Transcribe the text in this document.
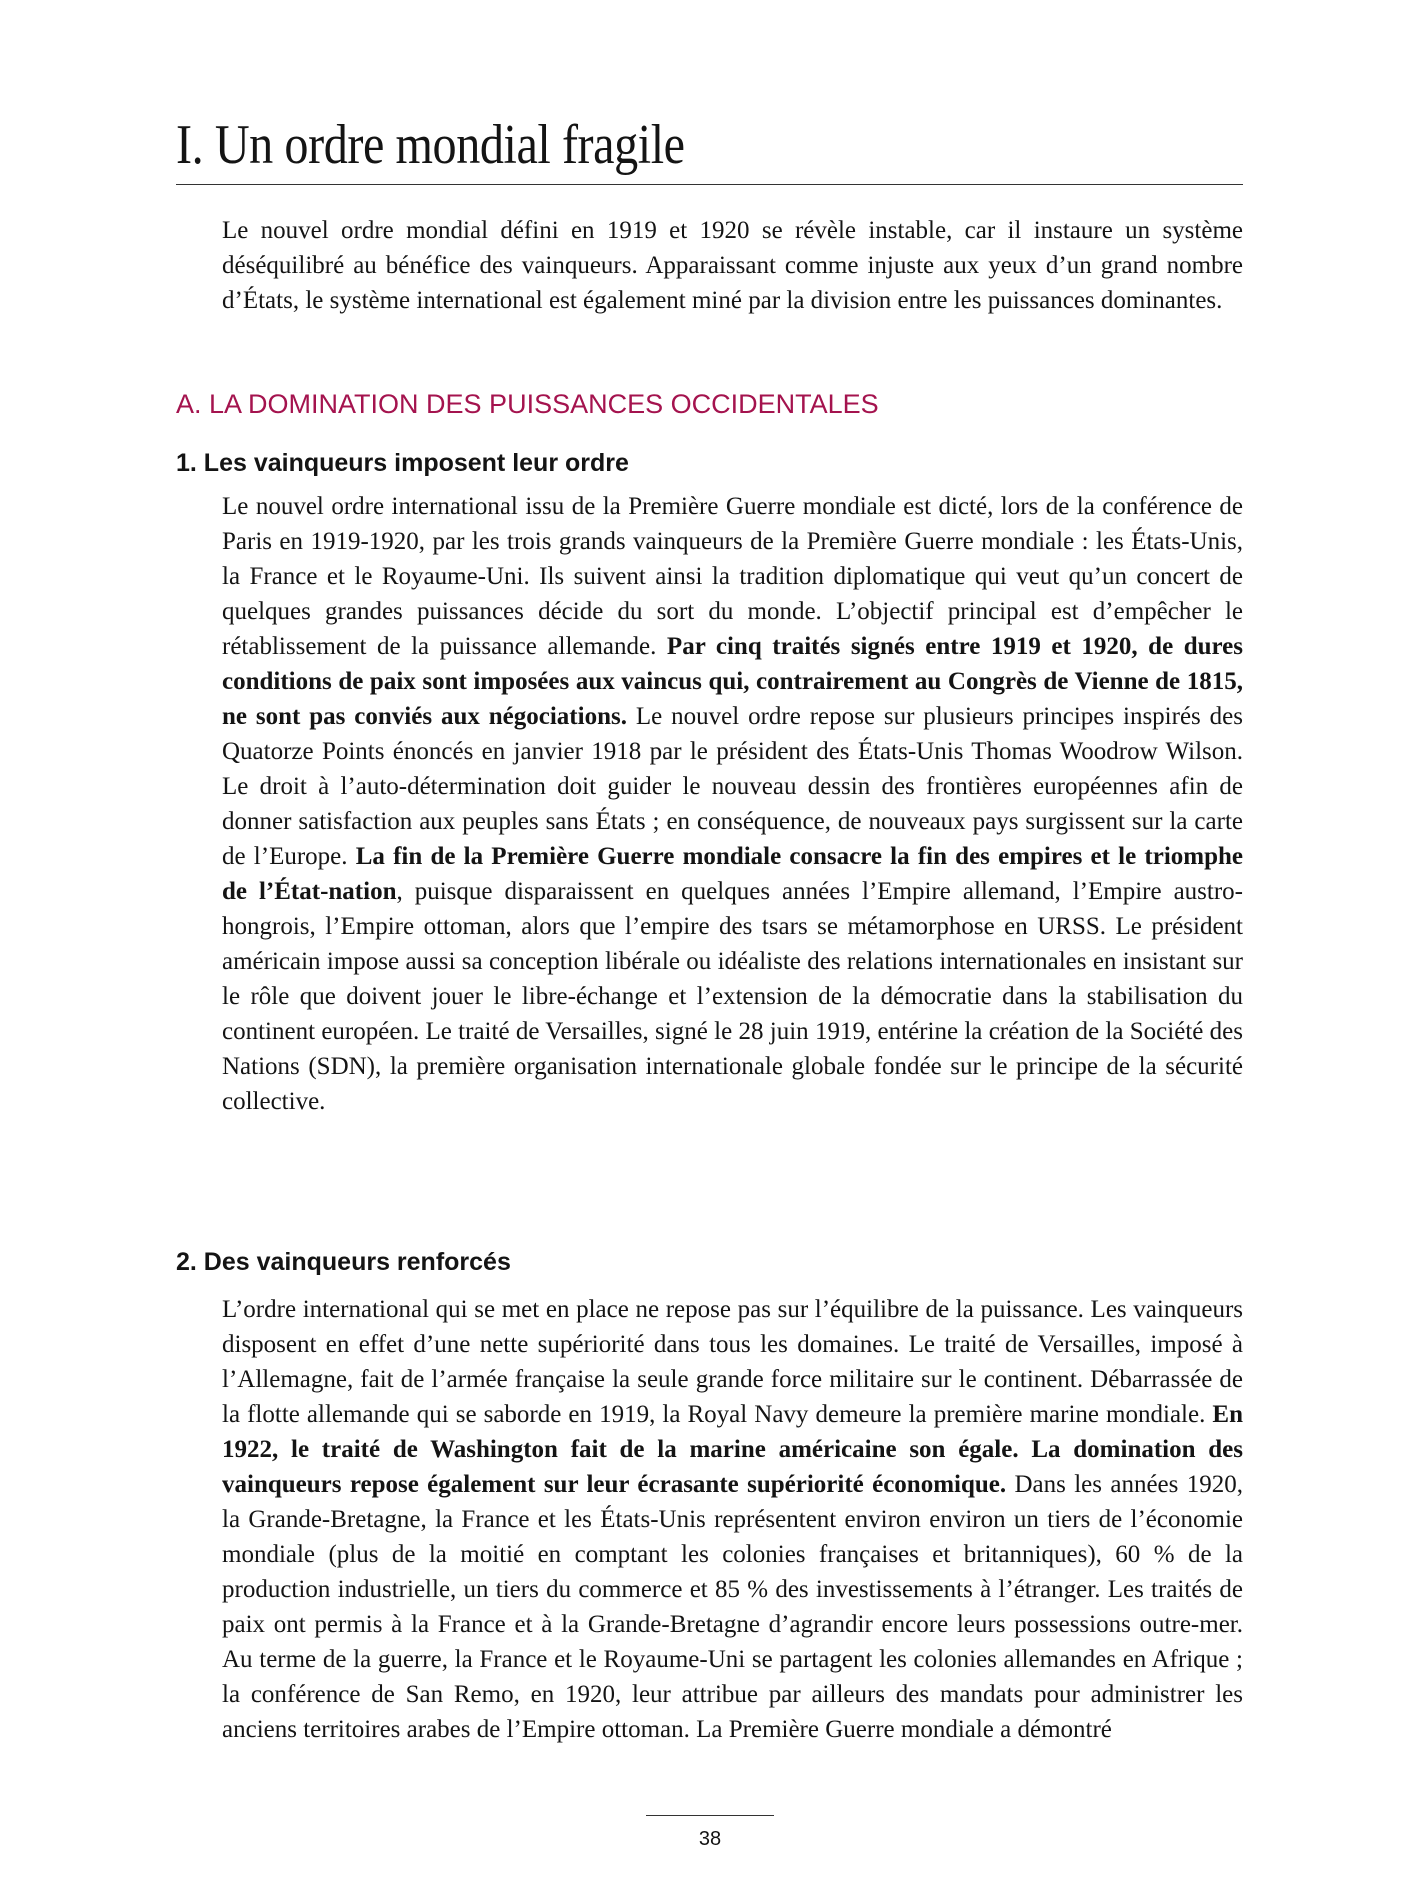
I. Un ordre mondial fragile

Le nouvel ordre mondial défini en 1919 et 1920 se révèle instable, car il instaure un système déséquilibré au bénéfice des vainqueurs. Apparaissant comme injuste aux yeux d’un grand nombre d’États, le système international est également miné par la division entre les puissances dominantes.

A. LA DOMINATION DES PUISSANCES OCCIDENTALES
1. Les vainqueurs imposent leur ordre

Le nouvel ordre international issu de la Première Guerre mondiale est dicté, lors de la conférence de Paris en 1919-1920, par les trois grands vainqueurs de la Première Guerre mondiale : les États-Unis, la France et le Royaume-Uni. Ils suivent ainsi la tradition diplomatique qui veut qu’un concert de quelques grandes puissances décide du sort du monde. L’objectif principal est d’empêcher le rétablissement de la puissance allemande. Par cinq traités signés entre 1919 et 1920, de dures conditions de paix sont imposées aux vaincus qui, contrairement au Congrès de Vienne de 1815, ne sont pas conviés aux négociations. Le nouvel ordre repose sur plusieurs principes inspirés des Quatorze Points énoncés en janvier 1918 par le président des États-Unis Thomas Woodrow Wilson. Le droit à l’auto-détermination doit guider le nouveau dessin des frontières européennes afin de donner satisfaction aux peuples sans États ; en conséquence, de nouveaux pays surgissent sur la carte de l’Europe. La fin de la Première Guerre mondiale consacre la fin des empires et le triomphe de l’État-nation, puisque disparaissent en quelques années l’Empire allemand, l’Empire austro-hongrois, l’Empire ottoman, alors que l’empire des tsars se métamorphose en URSS. Le président américain impose aussi sa conception libérale ou idéaliste des relations internationales en insistant sur le rôle que doivent jouer le libre-échange et l’extension de la démocratie dans la stabilisation du continent européen. Le traité de Versailles, signé le 28 juin 1919, entérine la création de la Société des Nations (SDN), la première organisation internationale globale fondée sur le principe de la sécurité collective.

2. Des vainqueurs renforcés

L’ordre international qui se met en place ne repose pas sur l’équilibre de la puissance. Les vainqueurs disposent en effet d’une nette supériorité dans tous les domaines. Le traité de Versailles, imposé à l’Allemagne, fait de l’armée française la seule grande force militaire sur le continent. Débarrassée de la flotte allemande qui se saborde en 1919, la Royal Navy demeure la première marine mondiale. En 1922, le traité de Washington fait de la marine américaine son égale. La domination des vainqueurs repose également sur leur écrasante supériorité économique. Dans les années 1920, la Grande-Bretagne, la France et les États-Unis représentent environ environ un tiers de l’économie mondiale (plus de la moitié en comptant les colonies françaises et britanniques), 60 % de la production industrielle, un tiers du commerce et 85 % des investissements à l’étranger. Les traités de paix ont permis à la France et à la Grande-Bretagne d’agrandir encore leurs possessions outre-mer. Au terme de la guerre, la France et le Royaume-Uni se partagent les colonies allemandes en Afrique ; la conférence de San Remo, en 1920, leur attribue par ailleurs des mandats pour administrer les anciens territoires arabes de l’Empire ottoman. La Première Guerre mondiale a démontré

38
